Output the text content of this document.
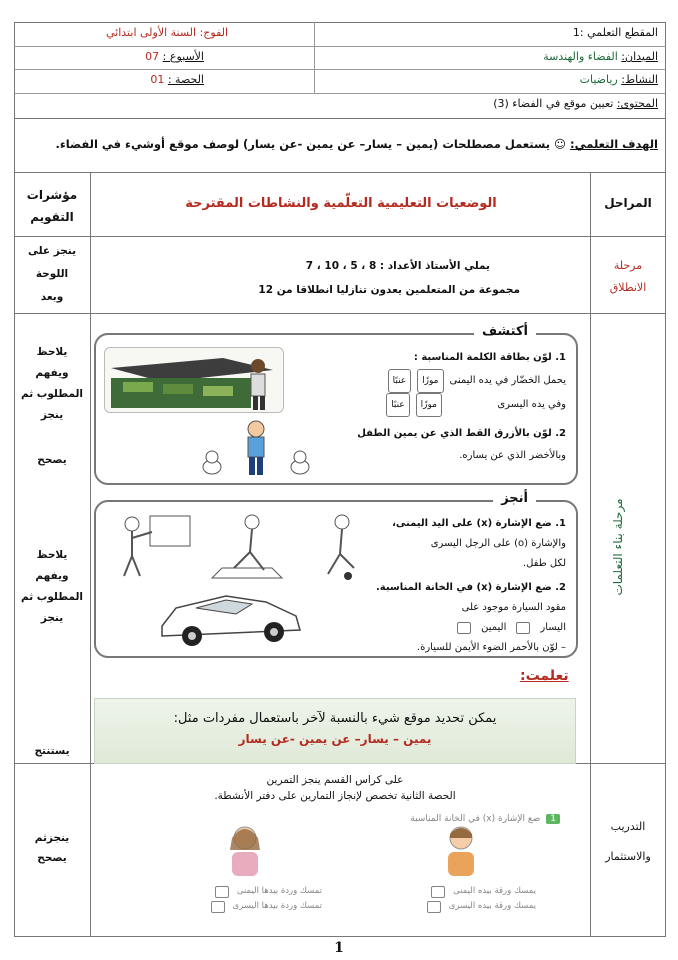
المقطع التعلمي :1
الفوج: السنة الأولى ابتدائي
الميدان: الفضاء والهندسة
الأسبوع : 07
النشاط: رياضيات
الحصة : 01
المحتوى: تعيين موقع في الفضاء (3)
الهدف التعلمي: ☺ يستعمل مصطلحات (يمين – يسار– عن يمين -عن يسار) لوصف موقع أوشيء في الفضاء.
المراحل
الوضعيات التعليمية التعلّمية والنشاطات المقترحة
مؤشرات
التقويم
مرحلة
الانطلاق
يملي الأستاذ الأعداد : 8 ، 5 ، 10 ، 7
مجموعة من المتعلمين يعدون تنازليا انطلاقا من 12
ينجز على
اللوحة
وبعد
مرحلة بناء التعلمات
يلاحظ
ويفهم
المطلوب ثم
ينجز
يصحح
يلاحظ
ويفهم
المطلوب ثم
ينجز
يستنتج
أكتشف
1. لوّن بطاقة الكلمة المناسبة :
يحمل الخضّار في يده اليمنى
موزًا
عنبًا
وفي يده اليسرى
موزًا
عنبًا
2. لوّن بالأزرق القط الذي عن يمين الطفل
وبالأخضر الذي عن يساره.
أنجز
1. ضع الإشارة (x) على اليد اليمنى،
والإشارة (o) على الرجل اليسرى
لكل طفل.
2. ضع الإشارة (x) في الخانة المناسبة.
مقود السيارة موجود على
اليسار
اليمين
– لوّن بالأحمر الضوء الأيمن للسيارة.
تعلمت:
يمكن تحديد موقع شيء بالنسبة لآخر باستعمال مفردات مثل:
يمين – يسار– عن يمين -عن يسار
التدريب
والاستثمار
ينجزثم
يصحح
على كراس القسم ينجز التمرين
الحصة الثانية تخصص لإنجاز التمارين على دفتر الأنشطة.
1
ضع الإشارة (x) في الخانة المناسبة
تمسك وردة بيدها اليمنى
تمسك وردة بيدها اليسرى
يمسك ورقة بيده اليمنى
يمسك ورقة بيده اليسرى
1
